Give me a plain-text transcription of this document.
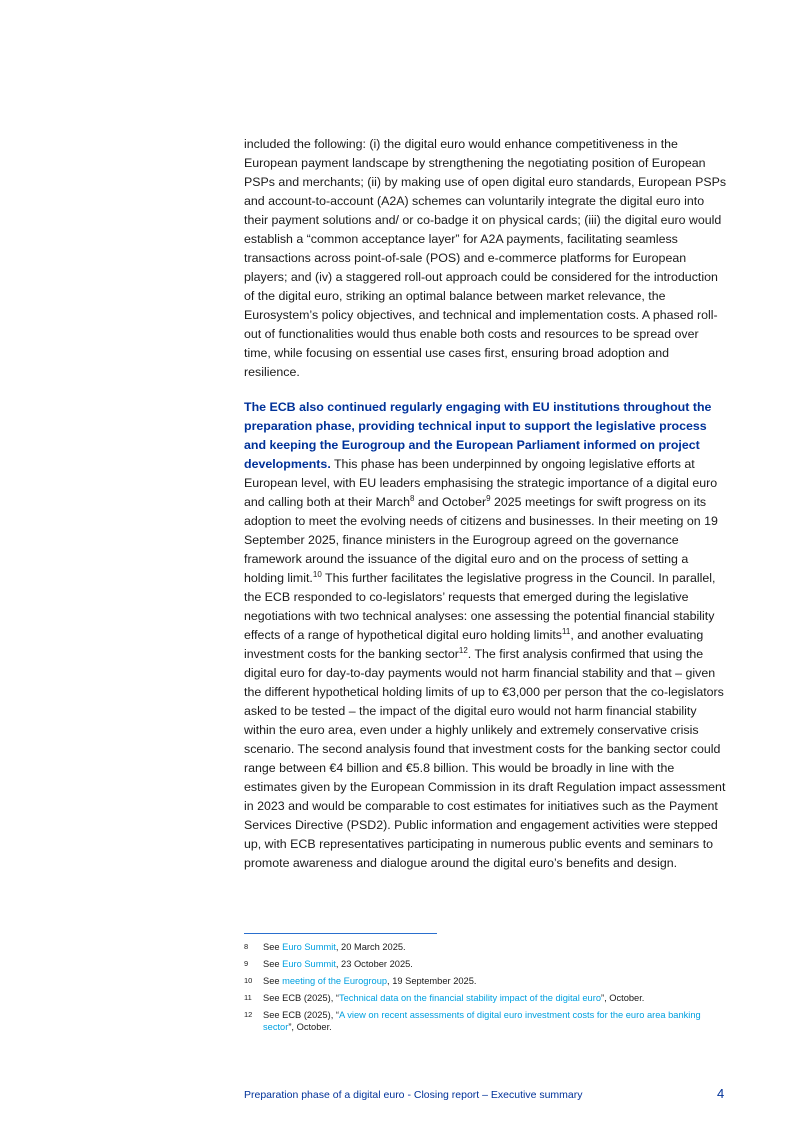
included the following: (i) the digital euro would enhance competitiveness in the European payment landscape by strengthening the negotiating position of European PSPs and merchants; (ii) by making use of open digital euro standards, European PSPs and account-to-account (A2A) schemes can voluntarily integrate the digital euro into their payment solutions and/ or co-badge it on physical cards; (iii) the digital euro would establish a “common acceptance layer” for A2A payments, facilitating seamless transactions across point-of-sale (POS) and e-commerce platforms for European players; and (iv) a staggered roll-out approach could be considered for the introduction of the digital euro, striking an optimal balance between market relevance, the Eurosystem’s policy objectives, and technical and implementation costs. A phased roll-out of functionalities would thus enable both costs and resources to be spread over time, while focusing on essential use cases first, ensuring broad adoption and resilience.

The ECB also continued regularly engaging with EU institutions throughout the preparation phase, providing technical input to support the legislative process and keeping the Eurogroup and the European Parliament informed on project developments. This phase has been underpinned by ongoing legislative efforts at European level, with EU leaders emphasising the strategic importance of a digital euro and calling both at their March$^8$ and October$^9$ 2025 meetings for swift progress on its adoption to meet the evolving needs of citizens and businesses. In their meeting on 19 September 2025, finance ministers in the Eurogroup agreed on the governance framework around the issuance of the digital euro and on the process of setting a holding limit.$^{10}$ This further facilitates the legislative progress in the Council. In parallel, the ECB responded to co-legislators’ requests that emerged during the legislative negotiations with two technical analyses: one assessing the potential financial stability effects of a range of hypothetical digital euro holding limits$^{11}$, and another evaluating investment costs for the banking sector$^{12}$. The first analysis confirmed that using the digital euro for day-to-day payments would not harm financial stability and that – given the different hypothetical holding limits of up to €3,000 per person that the co-legislators asked to be tested – the impact of the digital euro would not harm financial stability within the euro area, even under a highly unlikely and extremely conservative crisis scenario. The second analysis found that investment costs for the banking sector could range between €4 billion and €5.8 billion. This would be broadly in line with the estimates given by the European Commission in its draft Regulation impact assessment in 2023 and would be comparable to cost estimates for initiatives such as the Payment Services Directive (PSD2). Public information and engagement activities were stepped up, with ECB representatives participating in numerous public events and seminars to promote awareness and dialogue around the digital euro’s benefits and design.

8	See Euro Summit, 20 March 2025.
9	See Euro Summit, 23 October 2025.
10	See meeting of the Eurogroup, 19 September 2025.
11	See ECB (2025), “Technical data on the financial stability impact of the digital euro”, October.
12	See ECB (2025), “A view on recent assessments of digital euro investment costs for the euro area banking sector”, October.
Preparation phase of a digital euro - Closing report – Executive summary	4
